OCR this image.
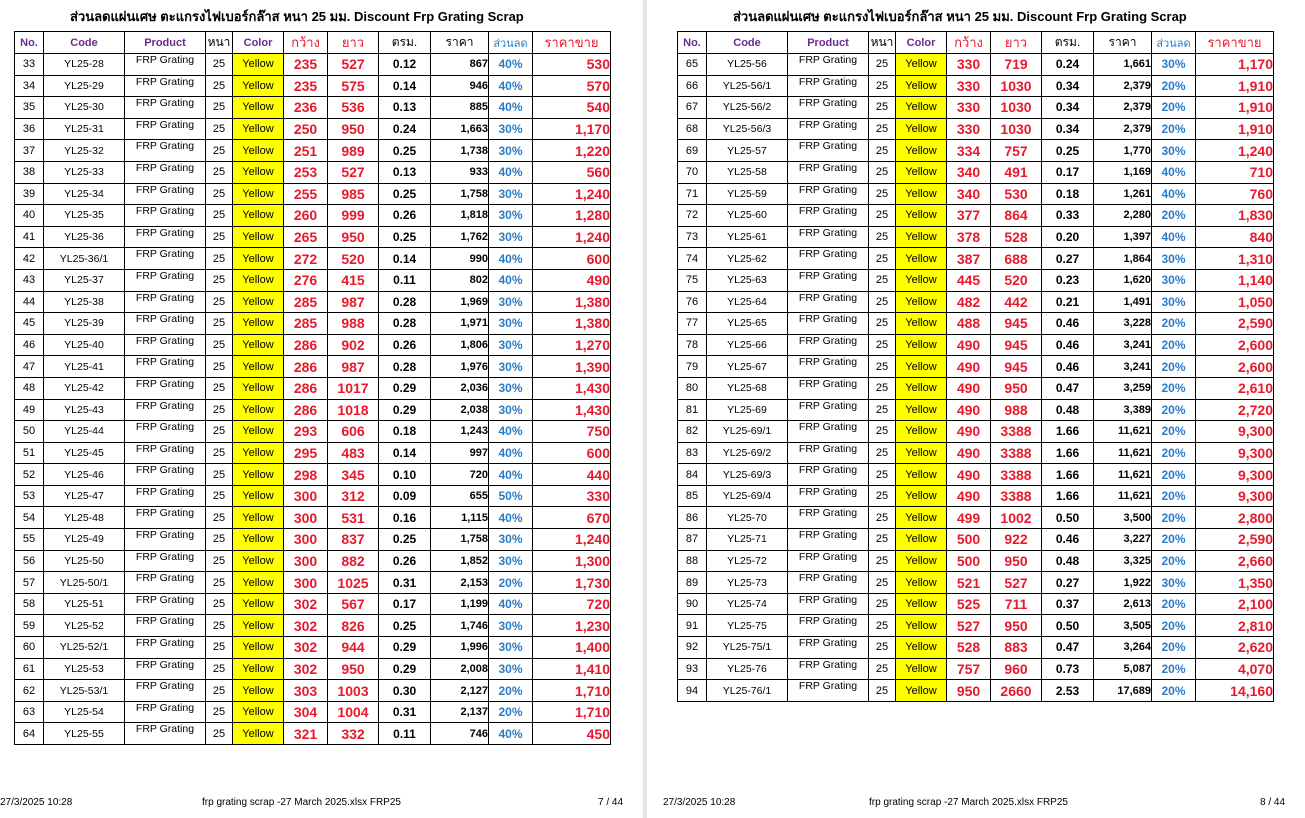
ส่วนลดแผ่นเศษ ตะแกรงไฟเบอร์กล๊าส หนา 25 มม. Discount Frp Grating Scrap
No.	Code	Product	หนา	Color	กว้าง	ยาว	ตรม.	ราคา	ส่วนลด	ราคาขาย
33	YL25-28	FRP Grating	25	Yellow	235	527	0.12	867	40%	530
34	YL25-29	FRP Grating	25	Yellow	235	575	0.14	946	40%	570
35	YL25-30	FRP Grating	25	Yellow	236	536	0.13	885	40%	540
36	YL25-31	FRP Grating	25	Yellow	250	950	0.24	1,663	30%	1,170
37	YL25-32	FRP Grating	25	Yellow	251	989	0.25	1,738	30%	1,220
38	YL25-33	FRP Grating	25	Yellow	253	527	0.13	933	40%	560
39	YL25-34	FRP Grating	25	Yellow	255	985	0.25	1,758	30%	1,240
40	YL25-35	FRP Grating	25	Yellow	260	999	0.26	1,818	30%	1,280
41	YL25-36	FRP Grating	25	Yellow	265	950	0.25	1,762	30%	1,240
42	YL25-36/1	FRP Grating	25	Yellow	272	520	0.14	990	40%	600
43	YL25-37	FRP Grating	25	Yellow	276	415	0.11	802	40%	490
44	YL25-38	FRP Grating	25	Yellow	285	987	0.28	1,969	30%	1,380
45	YL25-39	FRP Grating	25	Yellow	285	988	0.28	1,971	30%	1,380
46	YL25-40	FRP Grating	25	Yellow	286	902	0.26	1,806	30%	1,270
47	YL25-41	FRP Grating	25	Yellow	286	987	0.28	1,976	30%	1,390
48	YL25-42	FRP Grating	25	Yellow	286	1017	0.29	2,036	30%	1,430
49	YL25-43	FRP Grating	25	Yellow	286	1018	0.29	2,038	30%	1,430
50	YL25-44	FRP Grating	25	Yellow	293	606	0.18	1,243	40%	750
51	YL25-45	FRP Grating	25	Yellow	295	483	0.14	997	40%	600
52	YL25-46	FRP Grating	25	Yellow	298	345	0.10	720	40%	440
53	YL25-47	FRP Grating	25	Yellow	300	312	0.09	655	50%	330
54	YL25-48	FRP Grating	25	Yellow	300	531	0.16	1,115	40%	670
55	YL25-49	FRP Grating	25	Yellow	300	837	0.25	1,758	30%	1,240
56	YL25-50	FRP Grating	25	Yellow	300	882	0.26	1,852	30%	1,300
57	YL25-50/1	FRP Grating	25	Yellow	300	1025	0.31	2,153	20%	1,730
58	YL25-51	FRP Grating	25	Yellow	302	567	0.17	1,199	40%	720
59	YL25-52	FRP Grating	25	Yellow	302	826	0.25	1,746	30%	1,230
60	YL25-52/1	FRP Grating	25	Yellow	302	944	0.29	1,996	30%	1,400
61	YL25-53	FRP Grating	25	Yellow	302	950	0.29	2,008	30%	1,410
62	YL25-53/1	FRP Grating	25	Yellow	303	1003	0.30	2,127	20%	1,710
63	YL25-54	FRP Grating	25	Yellow	304	1004	0.31	2,137	20%	1,710
64	YL25-55	FRP Grating	25	Yellow	321	332	0.11	746	40%	450
27/3/2025 10:28	frp grating scrap -27 March 2025.xlsx FRP25	7 / 44
ส่วนลดแผ่นเศษ ตะแกรงไฟเบอร์กล๊าส หนา 25 มม. Discount Frp Grating Scrap
No.	Code	Product	หนา	Color	กว้าง	ยาว	ตรม.	ราคา	ส่วนลด	ราคาขาย
65	YL25-56	FRP Grating	25	Yellow	330	719	0.24	1,661	30%	1,170
66	YL25-56/1	FRP Grating	25	Yellow	330	1030	0.34	2,379	20%	1,910
67	YL25-56/2	FRP Grating	25	Yellow	330	1030	0.34	2,379	20%	1,910
68	YL25-56/3	FRP Grating	25	Yellow	330	1030	0.34	2,379	20%	1,910
69	YL25-57	FRP Grating	25	Yellow	334	757	0.25	1,770	30%	1,240
70	YL25-58	FRP Grating	25	Yellow	340	491	0.17	1,169	40%	710
71	YL25-59	FRP Grating	25	Yellow	340	530	0.18	1,261	40%	760
72	YL25-60	FRP Grating	25	Yellow	377	864	0.33	2,280	20%	1,830
73	YL25-61	FRP Grating	25	Yellow	378	528	0.20	1,397	40%	840
74	YL25-62	FRP Grating	25	Yellow	387	688	0.27	1,864	30%	1,310
75	YL25-63	FRP Grating	25	Yellow	445	520	0.23	1,620	30%	1,140
76	YL25-64	FRP Grating	25	Yellow	482	442	0.21	1,491	30%	1,050
77	YL25-65	FRP Grating	25	Yellow	488	945	0.46	3,228	20%	2,590
78	YL25-66	FRP Grating	25	Yellow	490	945	0.46	3,241	20%	2,600
79	YL25-67	FRP Grating	25	Yellow	490	945	0.46	3,241	20%	2,600
80	YL25-68	FRP Grating	25	Yellow	490	950	0.47	3,259	20%	2,610
81	YL25-69	FRP Grating	25	Yellow	490	988	0.48	3,389	20%	2,720
82	YL25-69/1	FRP Grating	25	Yellow	490	3388	1.66	11,621	20%	9,300
83	YL25-69/2	FRP Grating	25	Yellow	490	3388	1.66	11,621	20%	9,300
84	YL25-69/3	FRP Grating	25	Yellow	490	3388	1.66	11,621	20%	9,300
85	YL25-69/4	FRP Grating	25	Yellow	490	3388	1.66	11,621	20%	9,300
86	YL25-70	FRP Grating	25	Yellow	499	1002	0.50	3,500	20%	2,800
87	YL25-71	FRP Grating	25	Yellow	500	922	0.46	3,227	20%	2,590
88	YL25-72	FRP Grating	25	Yellow	500	950	0.48	3,325	20%	2,660
89	YL25-73	FRP Grating	25	Yellow	521	527	0.27	1,922	30%	1,350
90	YL25-74	FRP Grating	25	Yellow	525	711	0.37	2,613	20%	2,100
91	YL25-75	FRP Grating	25	Yellow	527	950	0.50	3,505	20%	2,810
92	YL25-75/1	FRP Grating	25	Yellow	528	883	0.47	3,264	20%	2,620
93	YL25-76	FRP Grating	25	Yellow	757	960	0.73	5,087	20%	4,070
94	YL25-76/1	FRP Grating	25	Yellow	950	2660	2.53	17,689	20%	14,160
27/3/2025 10:28	frp grating scrap -27 March 2025.xlsx FRP25	8 / 44
